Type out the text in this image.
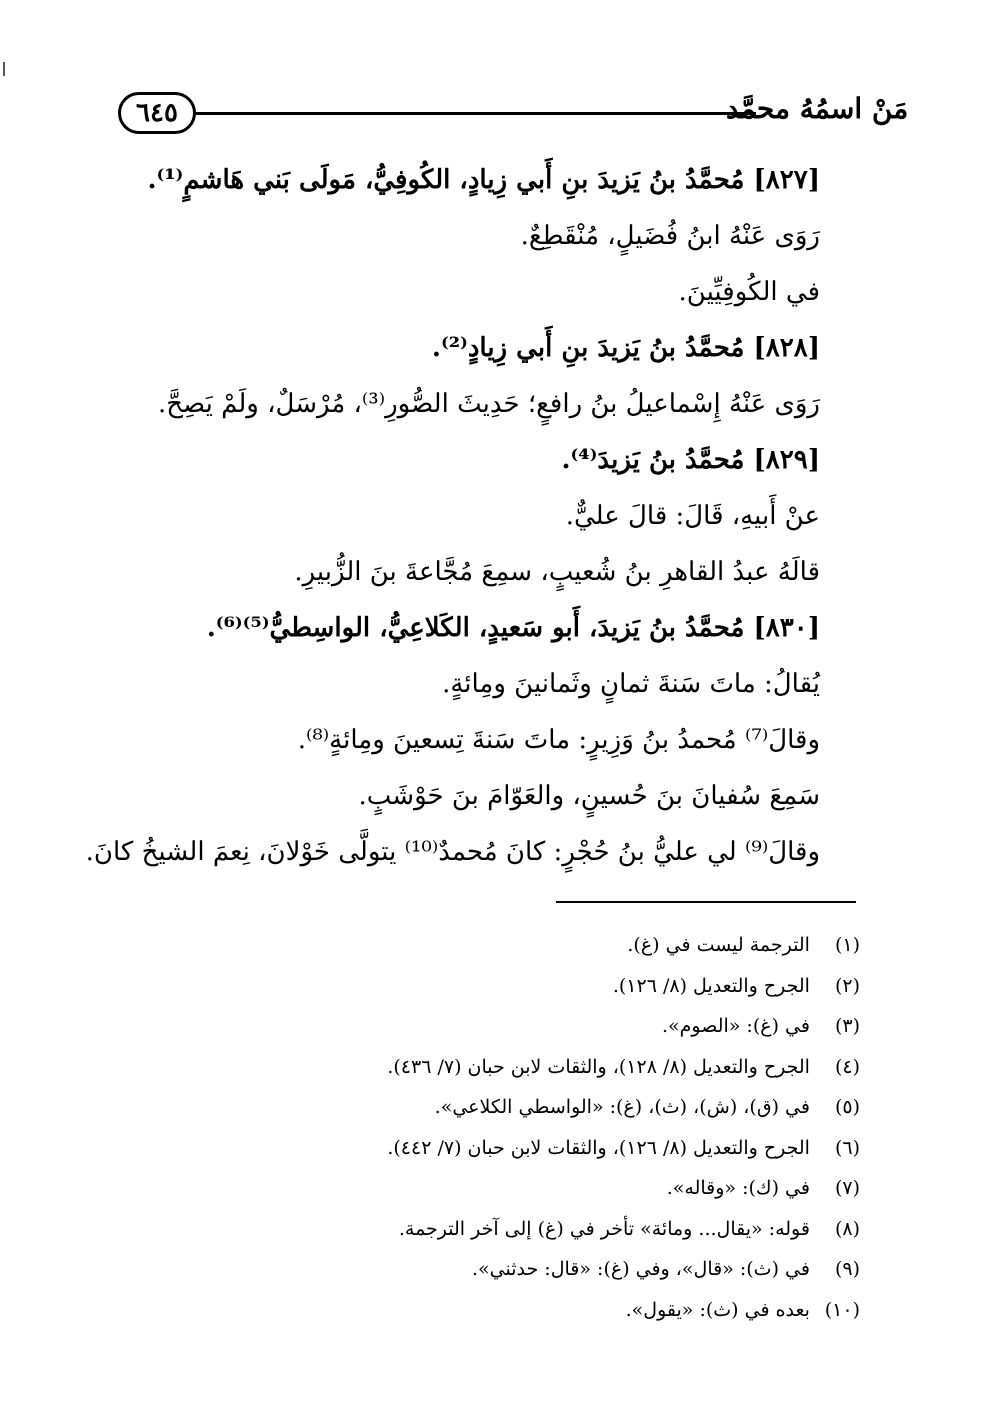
٦٤٥	مَنْ اسمُهُ محمَّد

[٨٢٧] مُحمَّدُ بنُ يَزيدَ بنِ أَبي زِيادٍ، الكُوفِيُّ، مَولَى بَني هَاشمٍ⁽¹⁾.

رَوَى عَنْهُ ابنُ فُضَيلٍ، مُنْقَطِعٌ.

في الكُوفِيِّينَ.

[٨٢٨] مُحمَّدُ بنُ يَزيدَ بنِ أَبي زِيادٍ⁽²⁾.

رَوَى عَنْهُ إِسْماعيلُ بنُ رافعٍ؛ حَدِيثَ الصُّورِ⁽³⁾، مُرْسَلٌ، ولَمْ يَصِحَّ.

[٨٢٩] مُحمَّدُ بنُ يَزيدَ⁽⁴⁾.

عنْ أَبيهِ، قَالَ: قالَ عليٌّ.

قالَهُ عبدُ القاهرِ بنُ شُعيبٍ، سمِعَ مُجَّاعةَ بنَ الزُّبيرِ.

[٨٣٠] مُحمَّدُ بنُ يَزيدَ، أَبو سَعيدٍ، الكَلاعِيُّ، الواسِطيُّ⁽⁵⁾⁽⁶⁾.

يُقالُ: ماتَ سَنةَ ثمانٍ وثَمانينَ ومِائةٍ.

وقالَ⁽⁷⁾ مُحمدُ بنُ وَزِيرٍ: ماتَ سَنةَ تِسعينَ ومِائةٍ⁽⁸⁾.

سَمِعَ سُفيانَ بنَ حُسينٍ، والعَوّامَ بنَ حَوْشَبٍ.

وقالَ⁽⁹⁾ لي عليُّ بنُ حُجْرٍ: كانَ مُحمدٌ⁽¹⁰⁾ يتولَّى خَوْلانَ، نِعمَ الشيخُ كانَ.

(١) الترجمة ليست في (غ).

(٢) الجرح والتعديل (٨/ ١٢٦).

(٣) في (غ): «الصوم».

(٤) الجرح والتعديل (٨/ ١٢٨)، والثقات لابن حبان (٧/ ٤٣٦).

(٥) في (ق)، (ش)، (ث)، (غ): «الواسطي الكلاعي».

(٦) الجرح والتعديل (٨/ ١٢٦)، والثقات لابن حبان (٧/ ٤٤٢).

(٧) في (ك): «وقاله».

(٨) قوله: «يقال... ومائة» تأخر في (غ) إلى آخر الترجمة.

(٩) في (ث): «قال»، وفي (غ): «قال: حدثني».

(١٠) بعده في (ث): «يقول».
